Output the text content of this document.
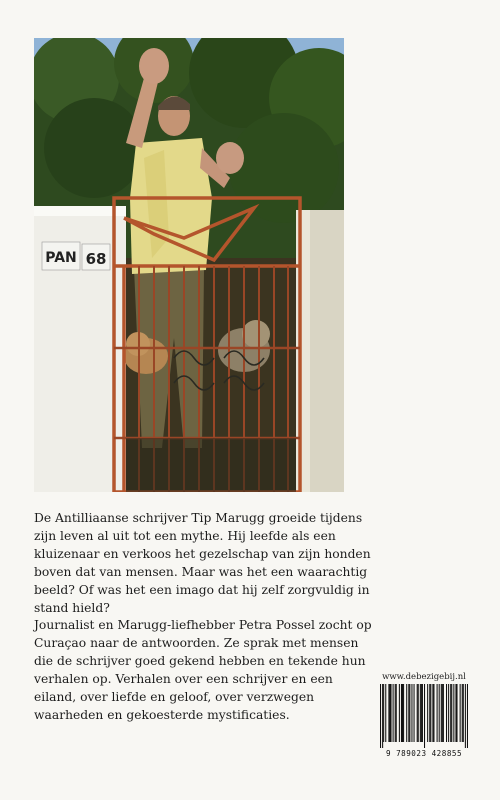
PAN 68

De Antilliaanse schrijver Tip Marugg groeide tijdens zijn leven al uit tot een mythe. Hij leefde als een kluizenaar en verkoos het gezelschap van zijn honden boven dat van mensen. Maar was het een waarachtig beeld? Of was het een imago dat hij zelf zorgvuldig in stand hield?

Journalist en Marugg-liefhebber Petra Possel zocht op Curaçao naar de antwoorden. Ze sprak met mensen die de schrijver goed gekend hebben en tekende hun verhalen op. Verhalen over een schrijver en een eiland, over liefde en geloof, over verzwegen waarheden en gekoesterde mystificaties.

www.debezigebij.nl
9 789023 428855
